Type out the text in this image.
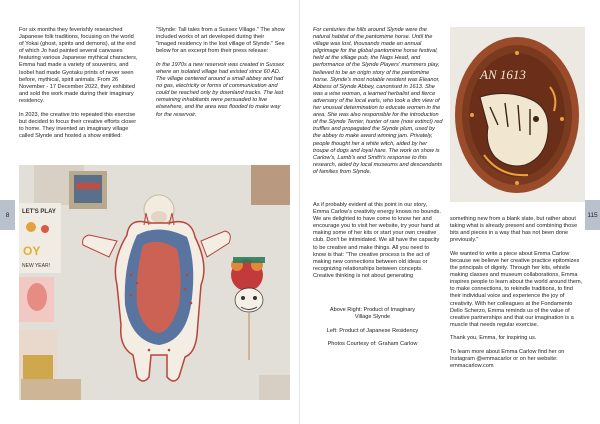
For six months they feverishly researched Japanese folk traditions, focusing on the world of Yokai (ghost, spirits and demons), at the end of which Jo had painted several canvases featuring various Japanese mythical characters, Emma had made a variety of souvenirs, and Isobel had made Gyotaku prints of never seen before, mythical, spirit animals. From 26 November - 17 December 2022, they exhibited and sold the work made during their imaginary residency.

In 2023, the creative trio repeated this exercise but decided to focus their creative efforts closer to home. They invented an imaginary village called Slynde and hosted a show entitled:

"Slynde: Tall tales from a Sussex Village." The show included works of art developed during their "imaged residency in the lost village of Slynde." See below for an excerpt from their press release:

In the 1970s a new reservoir was created in Sussex where an isolated village had existed since 60 AD. The village centered around a small abbey and had no gas, electricity or forms of communication and could be reached only by downland tracks. The last remaining inhabitants were persuaded to live elsewhere, and the area was flooded to make way for the reservoir.

LET'S PLAY
OY
NEW YEAR!
8
For centuries the hills around Slynde were the natural habitat of the pantomime horse. Until the village was lost, thousands made an annual pilgrimage for the global pantomime horse festival, held at the village pub, the Nags Head, and performance of the Slynde Players' mummers play, believed to be an origin story of the pantomime horse. Slynde's most notable resident was Eleanor, Abbess of Slynde Abbey, canonised in 1613. She was a wise woman, a learned herbalist and fierce adversary of the local earls, who took a dim view of her unusual determination to educate women in the area. She was also responsible for the introduction of the Slynde Terrier, hunter of rare (now extinct) red truffles and propagated the Slynde plum, used by the abbey to make award winning jam. Privately, people thought her a white witch, aided by her troupe of dogs and loyal hare. The work on show is Carlow's, Lamb's and Smith's response to this research, aided by local museums and descendants of families from Slynde.
AN 1613
As if probably evident at this point in our story, Emma Carlow's creativity energy knows no bounds. We are delighted to have come to know her and encourage you to visit her website, try your hand at making some of her kits or start your own creative club. Don't be intimidated. We all have the capacity to be creative and make things. All you need to know is that: "The creative process is the act of making new connections between old ideas or recognizing relationships between concepts. Creative thinking is not about generating

Above Right: Product of Imaginary Village Slynde

Left: Product of Japanese Residency

Photos Courtesy of: Graham Carlow

something new from a blank slate, but rather about taking what is already present and combining those bits and pieces in a way that has not been done previously."

We wanted to write a piece about Emma Carlow because we believe her creative practice epitomizes the principals of dignity. Through her kits, whistle making classes and museum collaborations, Emma inspires people to learn about the world around them, to make connections, to rekindle traditions, to find their individual voice and experience the joy of creativity. With her colleagues at the Fondamento Dello Scherzo, Emma reminds us of the value of creative partnerships and that our imagination is a muscle that needs regular exercise.

Thank you, Emma, for inspiring us.

To learn more about Emma Carlow find her on Instagram @emmacarlor or on her website: emmacarlow.com

115
